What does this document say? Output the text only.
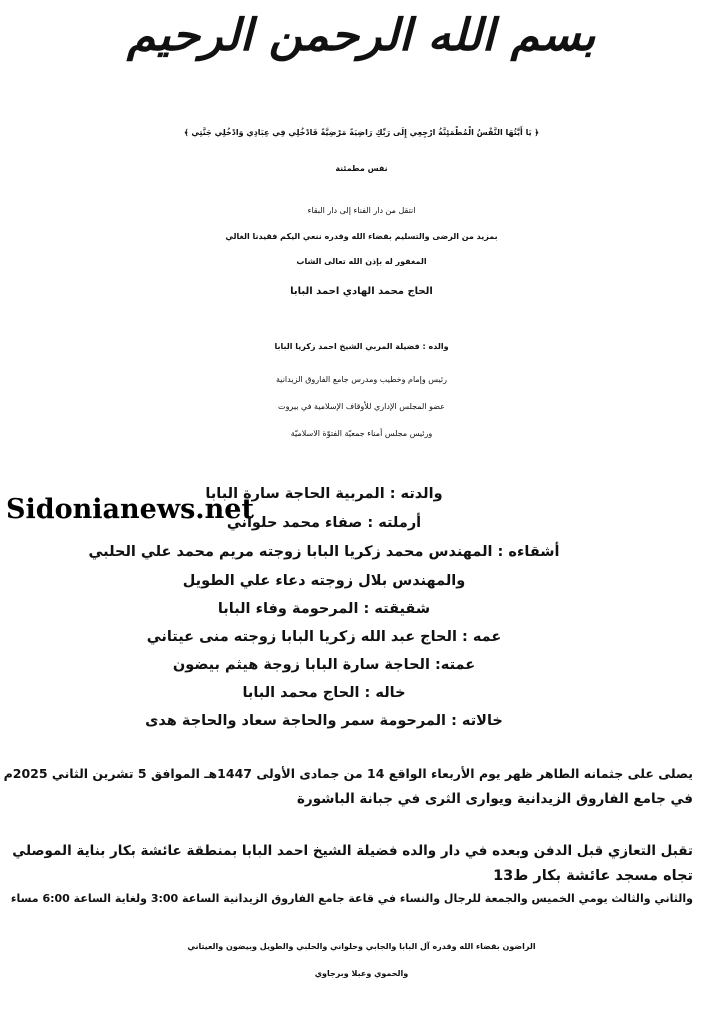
بسم الله الرحمن الرحيم
﴿ يَا أَيَّتُهَا النَّفْسُ الْمُطْمَئِنَّةُ ارْجِعِي إِلَى رَبِّكِ رَاضِيَةً مَرْضِيَّةً فَادْخُلِي فِي عِبَادِي وَادْخُلِي جَنَّتِي ﴾
نفس مطمئنة
انتقل من دار الفناء إلى دار البقاء
بمزيد من الرضى والتسليم بقضاء الله وقدره ننعي اليكم فقيدنا الغالي
المغفور له بإذن الله تعالى الشاب
الحاج محمد الهادي احمد البابا
والده : فضيلة المربي الشيخ احمد زكريا البابا
رئيس وإمام وخطيب ومدرس جامع الفاروق الزيدانية
عضو المجلس الإداري للأوقاف الإسلامية في بيروت
ورئيس مجلس أمناء جمعيّة الفتوّة الاسلاميّة
Sidonianews.net
والدته : المربية الحاجة سارة البابا
أرملته : صفاء محمد حلواني
أشقاءه : المهندس محمد زكريا البابا زوجته مريم محمد علي الحلبي
والمهندس بلال زوجته دعاء علي الطويل
شقيقته : المرحومة وفاء البابا
عمه : الحاج عبد الله زكريا البابا زوجته منى عيتاني
عمته: الحاجة سارة البابا زوجة هيثم بيضون
خاله : الحاج محمد البابا
خالاته : المرحومة سمر والحاجة سعاد والحاجة هدى
يصلى على جثمانه الطاهر ظهر يوم الأربعاء الواقع 14 من جمادى الأولى 1447هـ الموافق 5 تشرين الثاني 2025م
في جامع الفاروق الزيدانية ويوارى الثرى في جبانة الباشورة
تقبل التعازي قبل الدفن وبعده في دار والده فضيلة الشيخ احمد البابا بمنطقة عائشة بكار بناية الموصلي
تجاه مسجد عائشة بكار ط13
والثاني والثالث يومي الخميس والجمعة للرجال والنساء في قاعة جامع الفاروق الزيدانية الساعة 3:00 ولغاية الساعة 6:00 مساء
الراضون بقضاء الله وقدره آل البابا والجابي وحلواني والحلبي والطويل وبيضون والعيتاني
والحموي وعبلا وبرجاوي
